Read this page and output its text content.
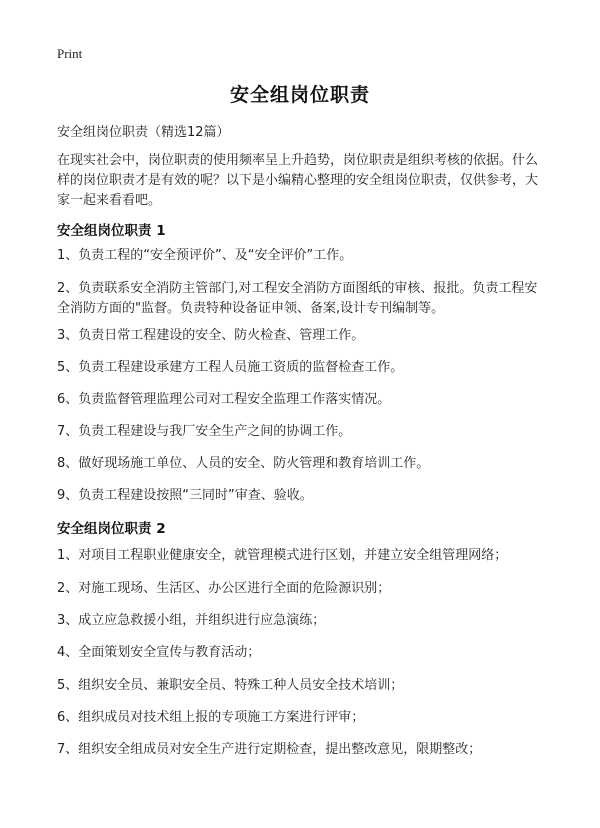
Print
安全组岗位职责
安全组岗位职责（精选12篇）
在现实社会中，岗位职责的使用频率呈上升趋势，岗位职责是组织考核的依据。什么样的岗位职责才是有效的呢？以下是小编精心整理的安全组岗位职责，仅供参考，大家一起来看看吧。
安全组岗位职责 1
1、负责工程的“安全预评价”、及“安全评价”工作。
2、负责联系安全消防主管部门,对工程安全消防方面图纸的审核、报批。负责工程安全消防方面的"监督。负责特种设备证申领、备案,设计专刊编制等。
3、负责日常工程建设的安全、防火检查、管理工作。
5、负责工程建设承建方工程人员施工资质的监督检查工作。
6、负责监督管理监理公司对工程安全监理工作落实情况。
7、负责工程建设与我厂安全生产之间的协调工作。
8、做好现场施工单位、人员的安全、防火管理和教育培训工作。
9、负责工程建设按照“三同时”审查、验收。
安全组岗位职责 2
1、对项目工程职业健康安全，就管理模式进行区划，并建立安全组管理网络；
2、对施工现场、生活区、办公区进行全面的危险源识别；
3、成立应急救援小组，并组织进行应急演练；
4、全面策划安全宣传与教育活动；
5、组织安全员、兼职安全员、特殊工种人员安全技术培训；
6、组织成员对技术组上报的专项施工方案进行评审；
7、组织安全组成员对安全生产进行定期检查，提出整改意见，限期整改；
